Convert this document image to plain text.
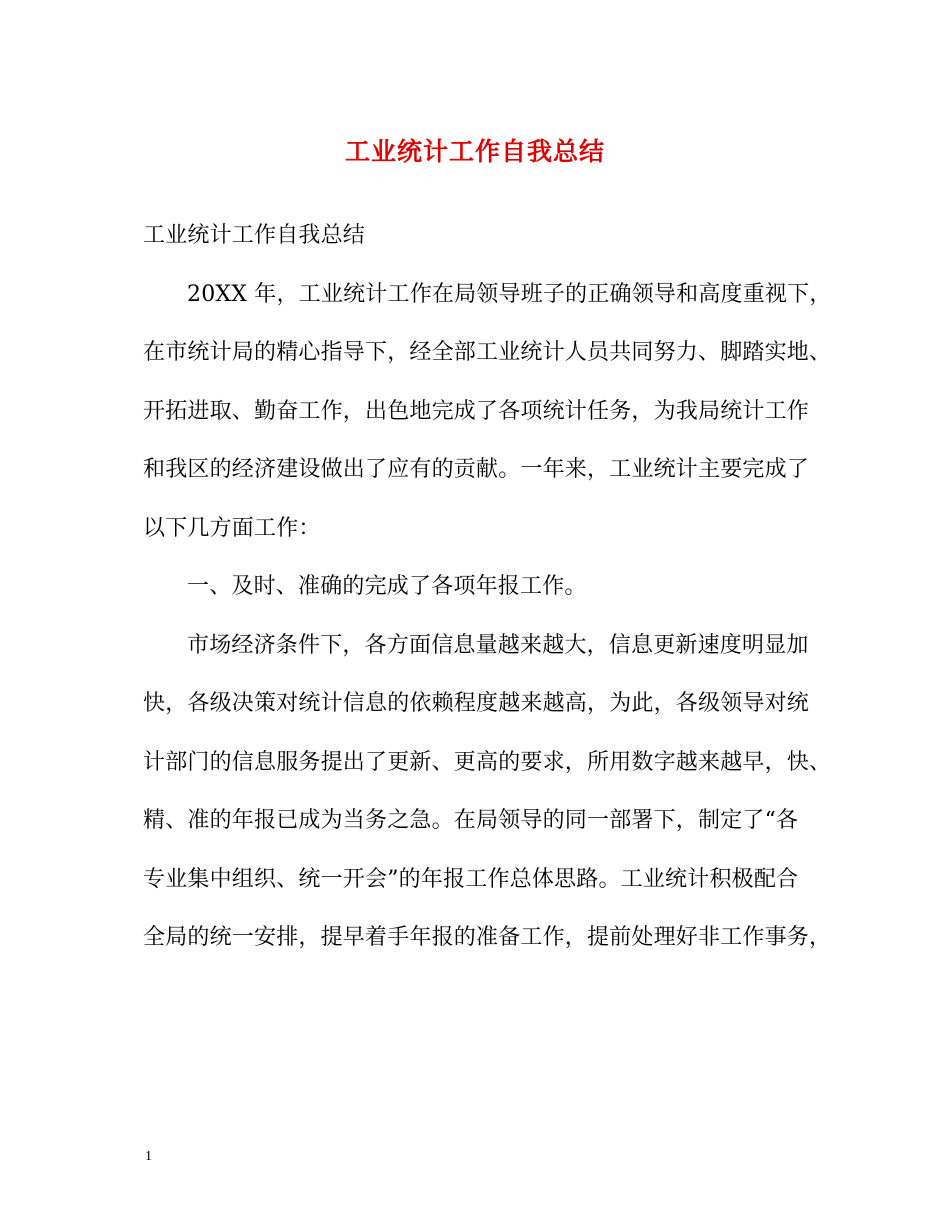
工业统计工作自我总结
工业统计工作自我总结
20XX 年，工业统计工作在局领导班子的正确领导和高度重视下，
在市统计局的精心指导下，经全部工业统计人员共同努力、脚踏实地、
开拓进取、勤奋工作，出色地完成了各项统计任务，为我局统计工作
和我区的经济建设做出了应有的贡献。一年来，工业统计主要完成了
以下几方面工作：
一、及时、准确的完成了各项年报工作。
市场经济条件下，各方面信息量越来越大，信息更新速度明显加
快，各级决策对统计信息的依赖程度越来越高，为此，各级领导对统
计部门的信息服务提出了更新、更高的要求，所用数字越来越早，快、
精、准的年报已成为当务之急。在局领导的同一部署下，制定了“各
专业集中组织、统一开会”的年报工作总体思路。工业统计积极配合
全局的统一安排，提早着手年报的准备工作，提前处理好非工作事务，
1
